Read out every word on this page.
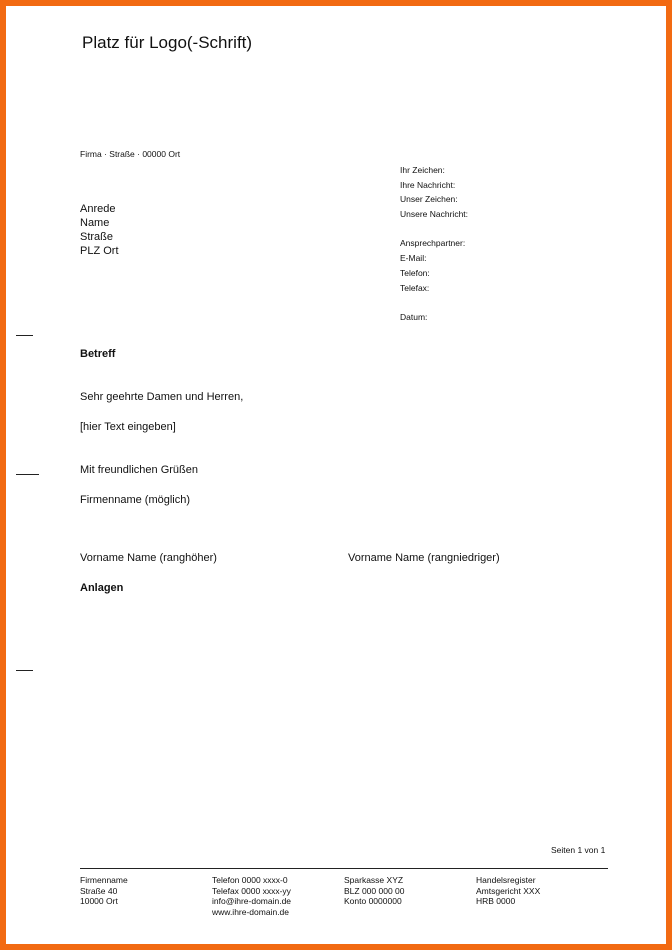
Platz für Logo(-Schrift)
Firma · Straße · 00000 Ort
Anrede
Name
Straße
PLZ Ort
Ihr Zeichen:
Ihre Nachricht:
Unser Zeichen:
Unsere Nachricht:
Ansprechpartner:
E-Mail:
Telefon:
Telefax:
Datum:
Betreff
Sehr geehrte Damen und Herren,
[hier Text eingeben]
Mit freundlichen Grüßen
Firmenname (möglich)
Vorname Name (ranghöher)	Vorname Name (rangniedriger)
Anlagen
Seiten 1 von 1
Firmenname
Straße 40
10000 Ort
Telefon 0000 xxxx-0
Telefax 0000 xxxx-yy
info@ihre-domain.de
www.ihre-domain.de
Sparkasse XYZ
BLZ 000 000 00
Konto 0000000
Handelsregister
Amtsgericht XXX
HRB 0000
